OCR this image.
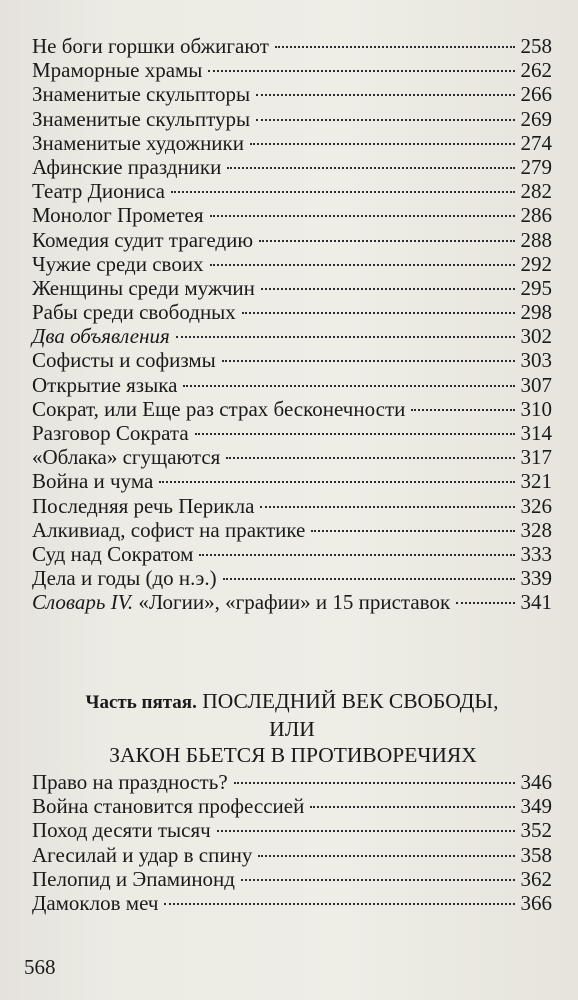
Не боги горшки обжигают	258
Мраморные храмы	262
Знаменитые скульпторы	266
Знаменитые скульптуры	269
Знаменитые художники	274
Афинские праздники	279
Театр Диониса	282
Монолог Прометея	286
Комедия судит трагедию	288
Чужие среди своих	292
Женщины среди мужчин	295
Рабы среди свободных	298
Два объявления	302
Софисты и софизмы	303
Открытие языка	307
Сократ, или Еще раз страх бесконечности	310
Разговор Сократа	314
«Облака» сгущаются	317
Война и чума	321
Последняя речь Перикла	326
Алкивиад, софист на практике	328
Суд над Сократом	333
Дела и годы (до н.э.)	339
Словарь IV. «Логии», «графии» и 15 приставок	341
Часть пятая. ПОСЛЕДНИЙ ВЕК СВОБОДЫ,
ИЛИ
ЗАКОН БЬЕТСЯ В ПРОТИВОРЕЧИЯХ
Право на праздность?	346
Война становится профессией	349
Поход десяти тысяч	352
Агесилай и удар в спину	358
Пелопид и Эпаминонд	362
Дамоклов меч	366
568
